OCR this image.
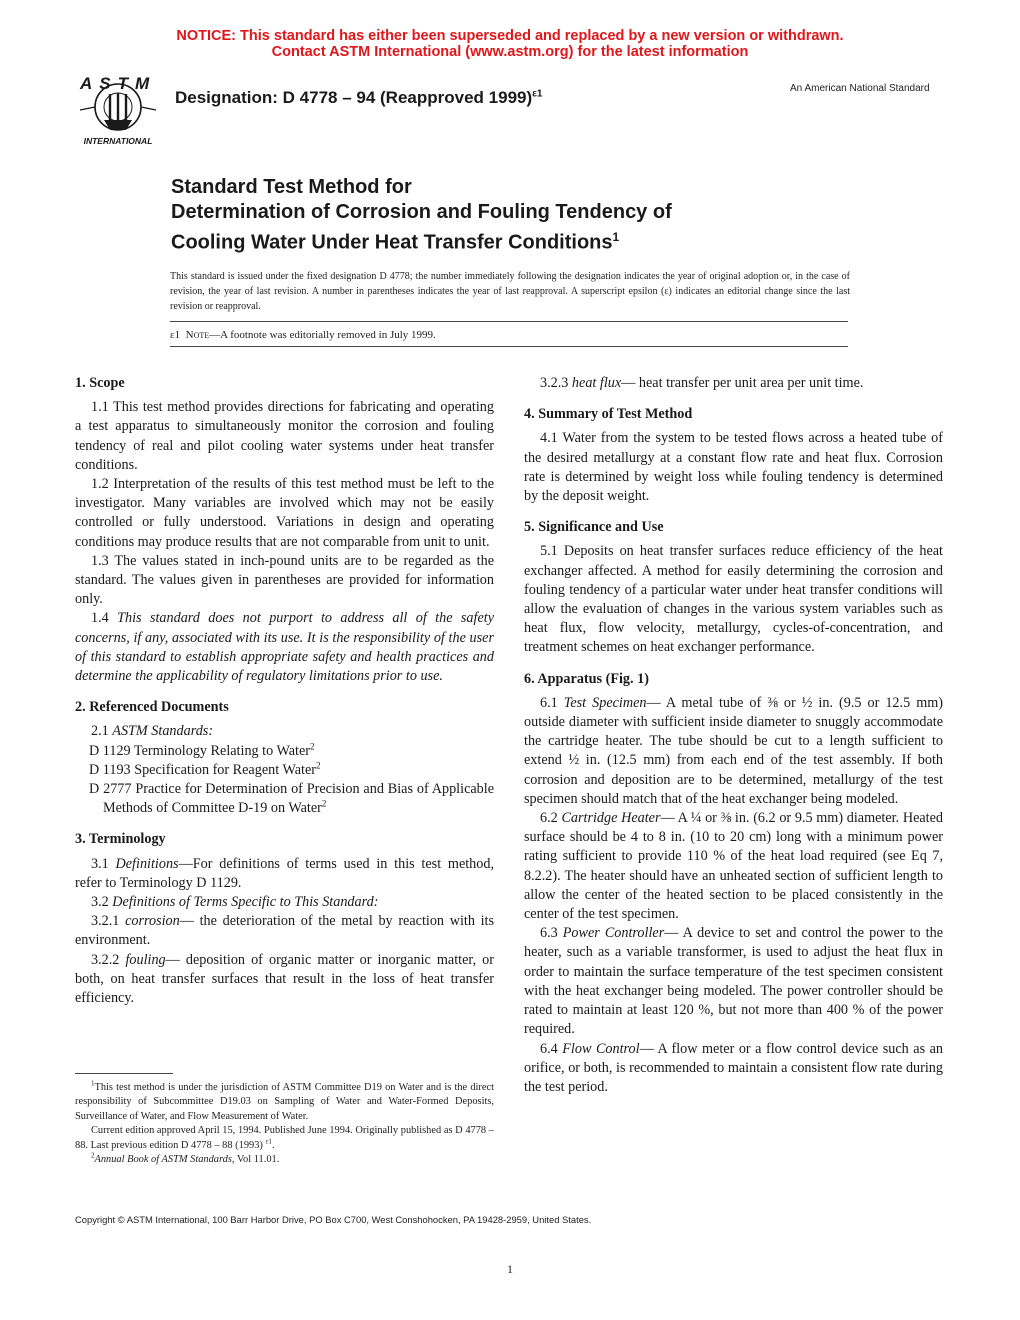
NOTICE: This standard has either been superseded and replaced by a new version or withdrawn.
Contact ASTM International (www.astm.org) for the latest information
ASTM
INTERNATIONAL
Designation: D 4778 – 94 (Reapproved 1999)$^{\varepsilon 1}$	An American National Standard
Standard Test Method for
Determination of Corrosion and Fouling Tendency of
Cooling Water Under Heat Transfer Conditions$^1$
This standard is issued under the fixed designation D 4778; the number immediately following the designation indicates the year of original adoption or, in the case of revision, the year of last revision. A number in parentheses indicates the year of last reapproval. A superscript epsilon (ε) indicates an editorial change since the last revision or reapproval.
ε1 Note—A footnote was editorially removed in July 1999.
1. Scope

1.1 This test method provides directions for fabricating and operating a test apparatus to simultaneously monitor the corrosion and fouling tendency of real and pilot cooling water systems under heat transfer conditions.

1.2 Interpretation of the results of this test method must be left to the investigator. Many variables are involved which may not be easily controlled or fully understood. Variations in design and operating conditions may produce results that are not comparable from unit to unit.

1.3 The values stated in inch-pound units are to be regarded as the standard. The values given in parentheses are provided for information only.

1.4 This standard does not purport to address all of the safety concerns, if any, associated with its use. It is the responsibility of the user of this standard to establish appropriate safety and health practices and determine the applicability of regulatory limitations prior to use.

2. Referenced Documents

2.1 ASTM Standards:

D 1129 Terminology Relating to Water$^2$

D 1193 Specification for Reagent Water$^2$

D 2777 Practice for Determination of Precision and Bias of Applicable Methods of Committee D-19 on Water$^2$

3. Terminology

3.1 Definitions—For definitions of terms used in this test method, refer to Terminology D 1129.

3.2 Definitions of Terms Specific to This Standard:

3.2.1 corrosion— the deterioration of the metal by reaction with its environment.

3.2.2 fouling— deposition of organic matter or inorganic matter, or both, on heat transfer surfaces that result in the loss of heat transfer efficiency.

3.2.3 heat flux— heat transfer per unit area per unit time.

4. Summary of Test Method

4.1 Water from the system to be tested flows across a heated tube of the desired metallurgy at a constant flow rate and heat flux. Corrosion rate is determined by weight loss while fouling tendency is determined by the deposit weight.

5. Significance and Use

5.1 Deposits on heat transfer surfaces reduce efficiency of the heat exchanger affected. A method for easily determining the corrosion and fouling tendency of a particular water under heat transfer conditions will allow the evaluation of changes in the various system variables such as heat flux, flow velocity, metallurgy, cycles-of-concentration, and treatment schemes on heat exchanger performance.

6. Apparatus (Fig. 1)

6.1 Test Specimen— A metal tube of ⅜ or ½ in. (9.5 or 12.5 mm) outside diameter with sufficient inside diameter to snuggly accommodate the cartridge heater. The tube should be cut to a length sufficient to extend ½ in. (12.5 mm) from each end of the test assembly. If both corrosion and deposition are to be determined, metallurgy of the test specimen should match that of the heat exchanger being modeled.

6.2 Cartridge Heater— A ¼ or ⅜ in. (6.2 or 9.5 mm) diameter. Heated surface should be 4 to 8 in. (10 to 20 cm) long with a minimum power rating sufficient to provide 110 % of the heat load required (see Eq 7, 8.2.2). The heater should have an unheated section of sufficient length to allow the center of the heated section to be placed consistently in the center of the test specimen.

6.3 Power Controller— A device to set and control the power to the heater, such as a variable transformer, is used to adjust the heat flux in order to maintain the surface temperature of the test specimen consistent with the heat exchanger being modeled. The power controller should be rated to maintain at least 120 %, but not more than 400 % of the power required.

6.4 Flow Control— A flow meter or a flow control device such as an orifice, or both, is recommended to maintain a consistent flow rate during the test period.

$^1$This test method is under the jurisdiction of ASTM Committee D19 on Water and is the direct responsibility of Subcommittee D19.03 on Sampling of Water and Water-Formed Deposits, Surveillance of Water, and Flow Measurement of Water.

Current edition approved April 15, 1994. Published June 1994. Originally published as D 4778 – 88. Last previous edition D 4778 – 88 (1993) $^{\varepsilon 1}$.

$^2$Annual Book of ASTM Standards, Vol 11.01.

Copyright © ASTM International, 100 Barr Harbor Drive, PO Box C700, West Conshohocken, PA 19428-2959, United States.
1
